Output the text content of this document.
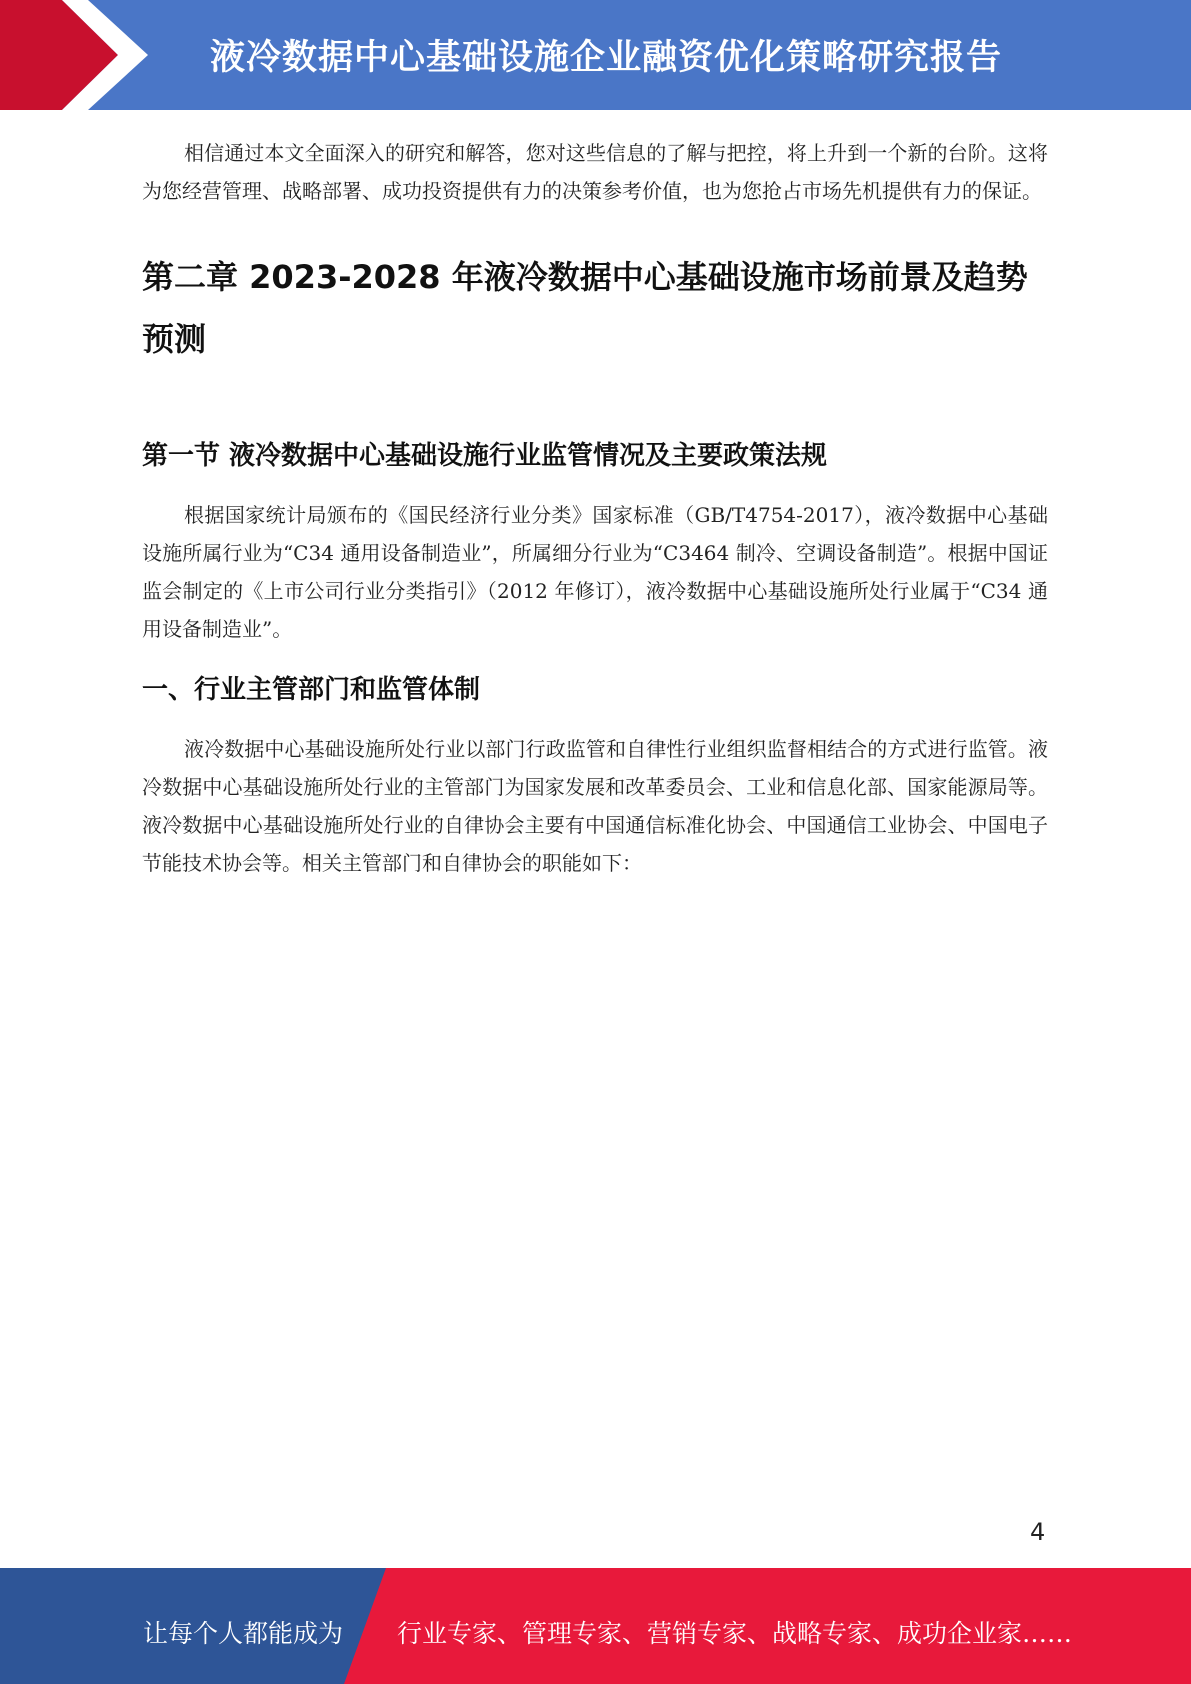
液冷数据中心基础设施企业融资优化策略研究报告

相信通过本文全面深入的研究和解答，您对这些信息的了解与把控，将上升到一个新的台阶。这将为您经营管理、战略部署、成功投资提供有力的决策参考价值，也为您抢占市场先机提供有力的保证。

第二章 2023-2028 年液冷数据中心基础设施市场前景及趋势预测
第一节 液冷数据中心基础设施行业监管情况及主要政策法规

根据国家统计局颁布的《国民经济行业分类》国家标准（GB/T4754-2017），液冷数据中心基础设施所属行业为“C34 通用设备制造业”，所属细分行业为“C3464 制冷、空调设备制造”。根据中国证监会制定的《上市公司行业分类指引》（2012 年修订），液冷数据中心基础设施所处行业属于“C34 通用设备制造业”。

一、行业主管部门和监管体制

液冷数据中心基础设施所处行业以部门行政监管和自律性行业组织监督相结合的方式进行监管。液冷数据中心基础设施所处行业的主管部门为国家发展和改革委员会、工业和信息化部、国家能源局等。液冷数据中心基础设施所处行业的自律协会主要有中国通信标准化协会、中国通信工业协会、中国电子节能技术协会等。相关主管部门和自律协会的职能如下：

4
让每个人都能成为 行业专家、管理专家、营销专家、战略专家、成功企业家……
